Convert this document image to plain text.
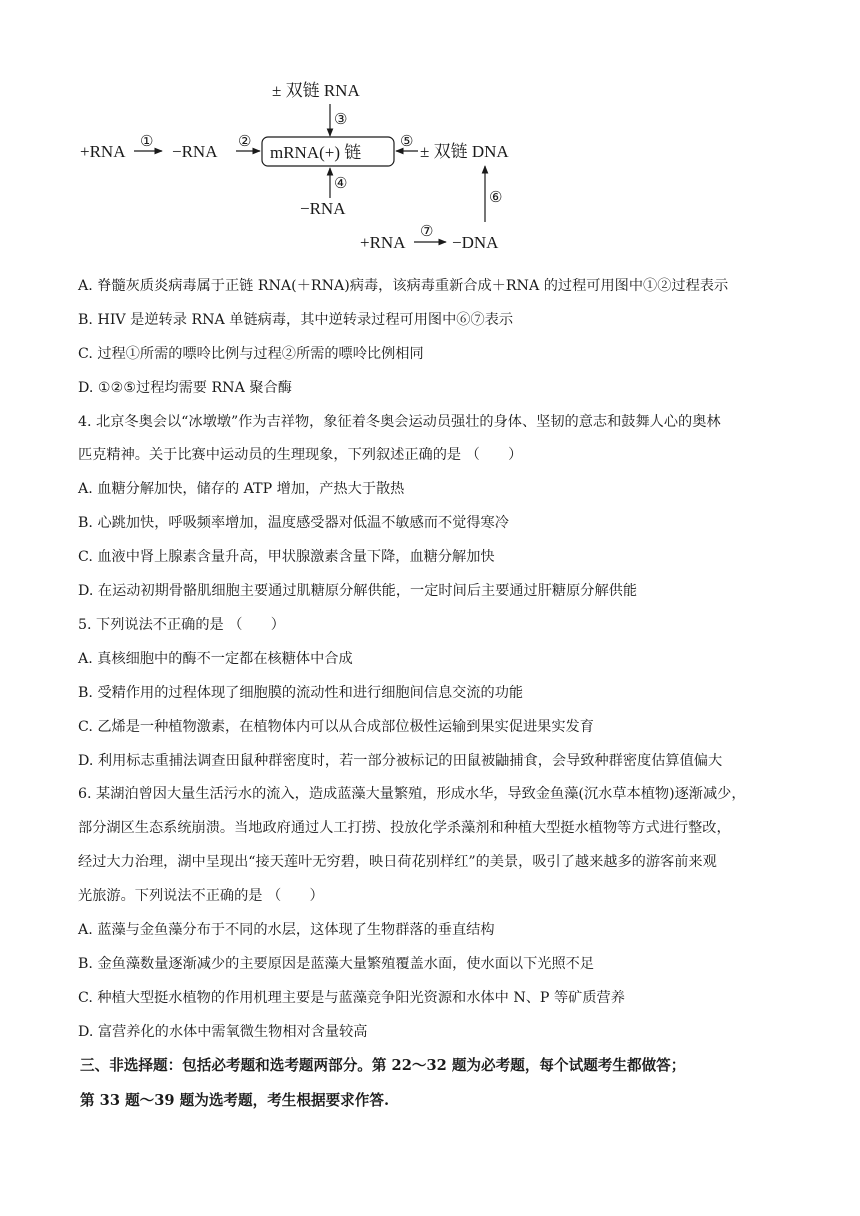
± 双链 RNA
③
+RNA ① −RNA ②
mRNA(+) 链
⑤ ± 双链 DNA
④
−RNA
⑥
+RNA
⑦
−DNA
A. 脊髓灰质炎病毒属于正链 RNA(＋RNA)病毒，该病毒重新合成＋RNA 的过程可用图中①②过程表示
B. HIV 是逆转录 RNA 单链病毒，其中逆转录过程可用图中⑥⑦表示
C. 过程①所需的嘌呤比例与过程②所需的嘌呤比例相同
D. ①②⑤过程均需要 RNA 聚合酶
4. 北京冬奥会以“冰墩墩”作为吉祥物，象征着冬奥会运动员强壮的身体、坚韧的意志和鼓舞人心的奥林
匹克精神。关于比赛中运动员的生理现象，下列叙述正确的是 （　　）
A. 血糖分解加快，储存的 ATP 增加，产热大于散热
B. 心跳加快，呼吸频率增加，温度感受器对低温不敏感而不觉得寒冷
C. 血液中肾上腺素含量升高，甲状腺激素含量下降，血糖分解加快
D. 在运动初期骨骼肌细胞主要通过肌糖原分解供能，一定时间后主要通过肝糖原分解供能
5. 下列说法不正确的是 （　　）
A. 真核细胞中的酶不一定都在核糖体中合成
B. 受精作用的过程体现了细胞膜的流动性和进行细胞间信息交流的功能
C. 乙烯是一种植物激素，在植物体内可以从合成部位极性运输到果实促进果实发育
D. 利用标志重捕法调查田鼠种群密度时，若一部分被标记的田鼠被鼬捕食，会导致种群密度估算值偏大
6. 某湖泊曾因大量生活污水的流入，造成蓝藻大量繁殖，形成水华，导致金鱼藻(沉水草本植物)逐渐减少，
部分湖区生态系统崩溃。当地政府通过人工打捞、投放化学杀藻剂和种植大型挺水植物等方式进行整改，
经过大力治理，湖中呈现出“接天莲叶无穷碧，映日荷花别样红”的美景，吸引了越来越多的游客前来观
光旅游。下列说法不正确的是 （　　）
A. 蓝藻与金鱼藻分布于不同的水层，这体现了生物群落的垂直结构
B. 金鱼藻数量逐渐减少的主要原因是蓝藻大量繁殖覆盖水面，使水面以下光照不足
C. 种植大型挺水植物的作用机理主要是与蓝藻竞争阳光资源和水体中 N、P 等矿质营养
D. 富营养化的水体中需氧微生物相对含量较高
三、非选择题：包括必考题和选考题两部分。第 22～32 题为必考题，每个试题考生都做答；
第 33 题～39 题为选考题，考生根据要求作答.
